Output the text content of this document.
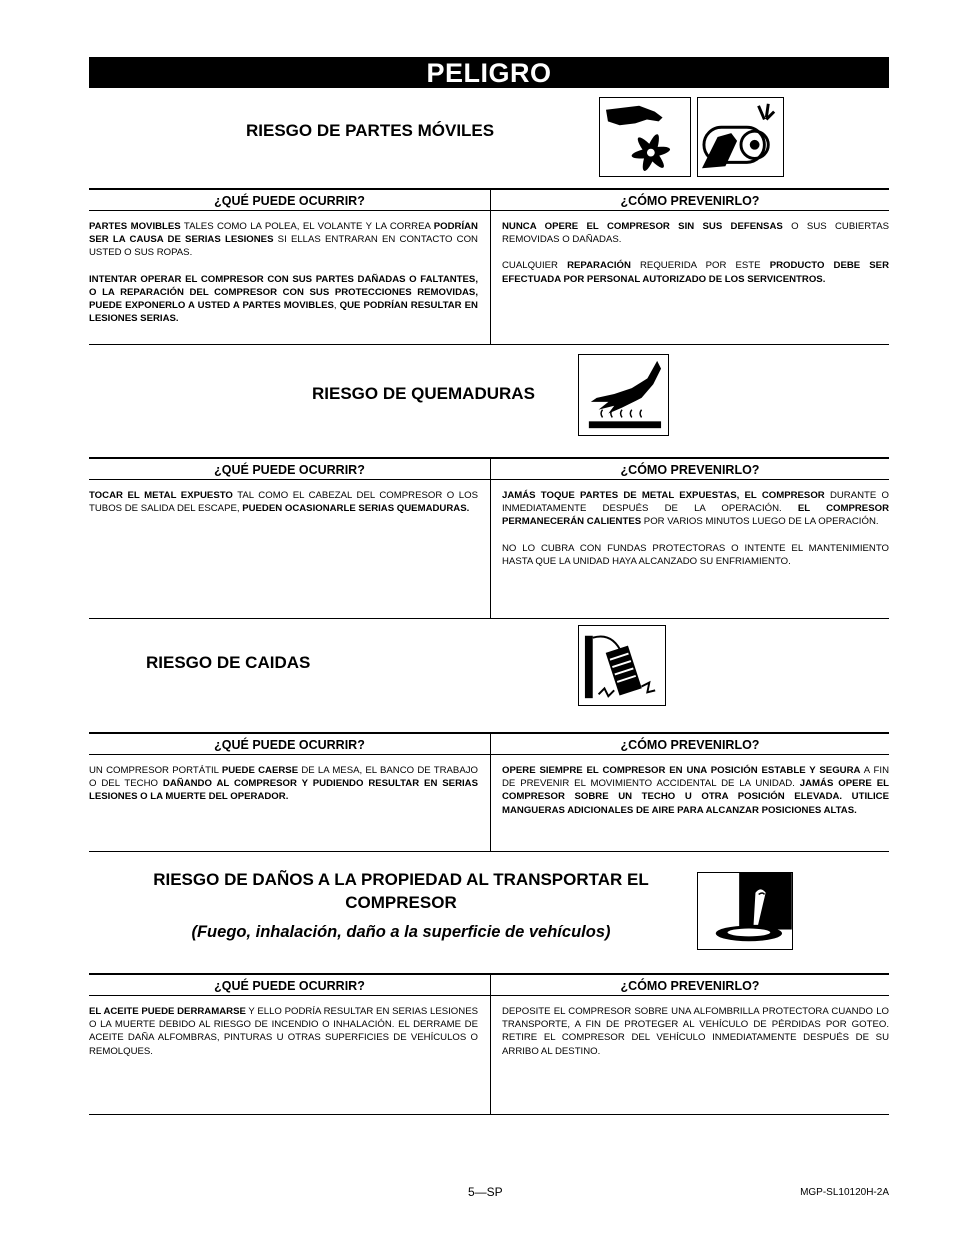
PELIGRO
RIESGO DE PARTES MÓVILES
¿QUÉ PUEDE OCURRIR?

PARTES MOVIBLES TALES COMO LA POLEA, EL VOLANTE Y LA CORREA PODRÍAN SER LA CAUSA DE SERIAS LESIONES SI ELLAS ENTRARAN EN CONTACTO CON USTED O SUS ROPAS.

INTENTAR OPERAR EL COMPRESOR CON SUS PARTES DAÑADAS O FALTANTES, O LA REPARACIÓN DEL COMPRESOR CON SUS PROTECCIONES REMOVIDAS, PUEDE EXPONERLO A USTED A PARTES MOVIBLES, QUE PODRÍAN RESULTAR EN LESIONES SERIAS.

¿CÓMO PREVENIRLO?

NUNCA OPERE EL COMPRESOR SIN SUS DEFENSAS O SUS CUBIERTAS REMOVIDAS O DAÑADAS.

CUALQUIER REPARACIÓN REQUERIDA POR ESTE PRODUCTO DEBE SER EFECTUADA POR PERSONAL AUTORIZADO DE LOS SERVICENTROS.

RIESGO DE QUEMADURAS
¿QUÉ PUEDE OCURRIR?

TOCAR EL METAL EXPUESTO TAL COMO EL CABEZAL DEL COMPRESOR O LOS TUBOS DE SALIDA DEL ESCAPE, PUEDEN OCASIONARLE SERIAS QUEMADURAS.

¿CÓMO PREVENIRLO?

JAMÁS TOQUE PARTES DE METAL EXPUESTAS, EL COMPRESOR DURANTE O INMEDIATAMENTE DESPUÉS DE LA OPERACIÓN. EL COMPRESOR PERMANECERÁN CALIENTES POR VARIOS MINUTOS LUEGO DE LA OPERACIÓN.

NO LO CUBRA CON FUNDAS PROTECTORAS O INTENTE EL MANTENIMIENTO HASTA QUE LA UNIDAD HAYA ALCANZADO SU ENFRIAMIENTO.

RIESGO DE CAIDAS
¿QUÉ PUEDE OCURRIR?

UN COMPRESOR PORTÁTIL PUEDE CAERSE DE LA MESA, EL BANCO DE TRABAJO O DEL TECHO DAÑANDO AL COMPRESOR Y PUDIENDO RESULTAR EN SERIAS LESIONES O LA MUERTE DEL OPERADOR.

¿CÓMO PREVENIRLO?

OPERE SIEMPRE EL COMPRESOR EN UNA POSICIÓN ESTABLE Y SEGURA A FIN DE PREVENIR EL MOVIMIENTO ACCIDENTAL DE LA UNIDAD. JAMÁS OPERE EL COMPRESOR SOBRE UN TECHO U OTRA POSICIÓN ELEVADA. UTILICE MANGUERAS ADICIONALES DE AIRE PARA ALCANZAR POSICIONES ALTAS.

RIESGO DE DAÑOS A LA PROPIEDAD AL TRANSPORTAR EL COMPRESOR
(Fuego, inhalación, daño a la superficie de vehículos)
¿QUÉ PUEDE OCURRIR?

EL ACEITE PUEDE DERRAMARSE Y ELLO PODRÍA RESULTAR EN SERIAS LESIONES O LA MUERTE DEBIDO AL RIESGO DE INCENDIO O INHALACIÓN. EL DERRAME DE ACEITE DAÑA ALFOMBRAS, PINTURAS U OTRAS SUPERFICIES DE VEHÍCULOS O REMOLQUES.

¿CÓMO PREVENIRLO?

DEPOSITE EL COMPRESOR SOBRE UNA ALFOMBRILLA PROTECTORA CUANDO LO TRANSPORTE, A FIN DE PROTEGER AL VEHÍCULO DE PÉRDIDAS POR GOTEO. RETIRE EL COMPRESOR DEL VEHÍCULO INMEDIATAMENTE DESPUÉS DE SU ARRIBO AL DESTINO.

5—SP	MGP-SL10120H-2A
